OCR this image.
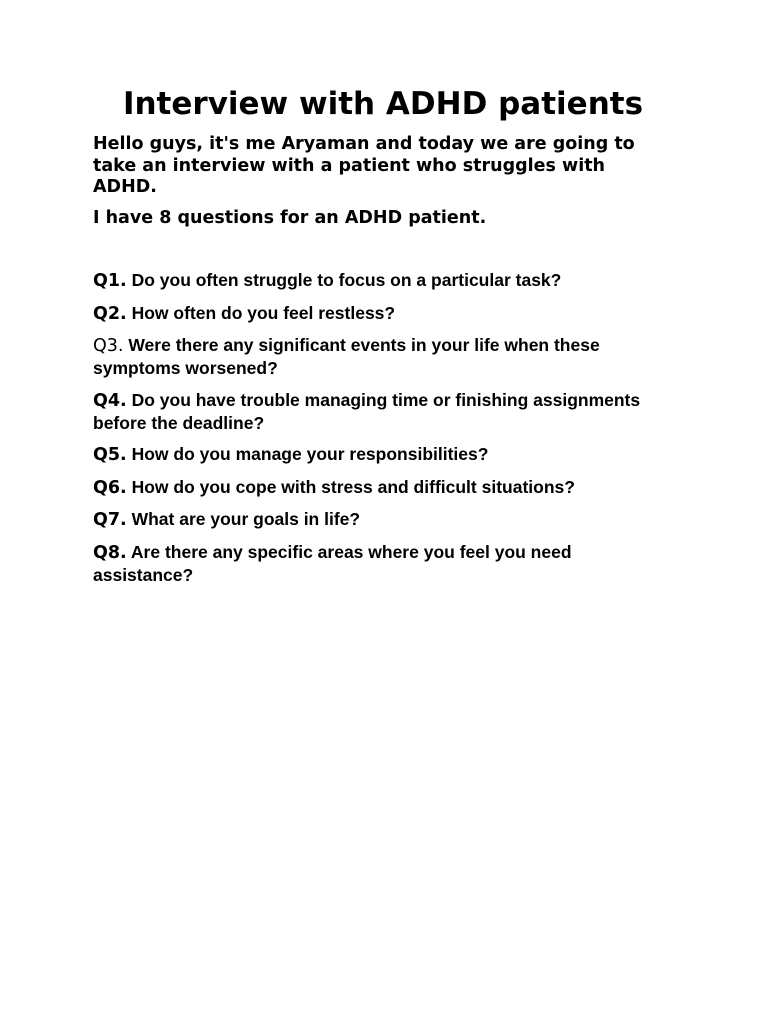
Interview with ADHD patients

Hello guys, it's me Aryaman and today we are going to take an interview with a patient who struggles with ADHD.

I have 8 questions for an ADHD patient.

Q1. Do you often struggle to focus on a particular task?

Q2. How often do you feel restless?

Q3. Were there any significant events in your life when these symptoms worsened?

Q4. Do you have trouble managing time or finishing assignments before the deadline?

Q5. How do you manage your responsibilities?

Q6. How do you cope with stress and difficult situations?

Q7. What are your goals in life?

Q8. Are there any specific areas where you feel you need assistance?
